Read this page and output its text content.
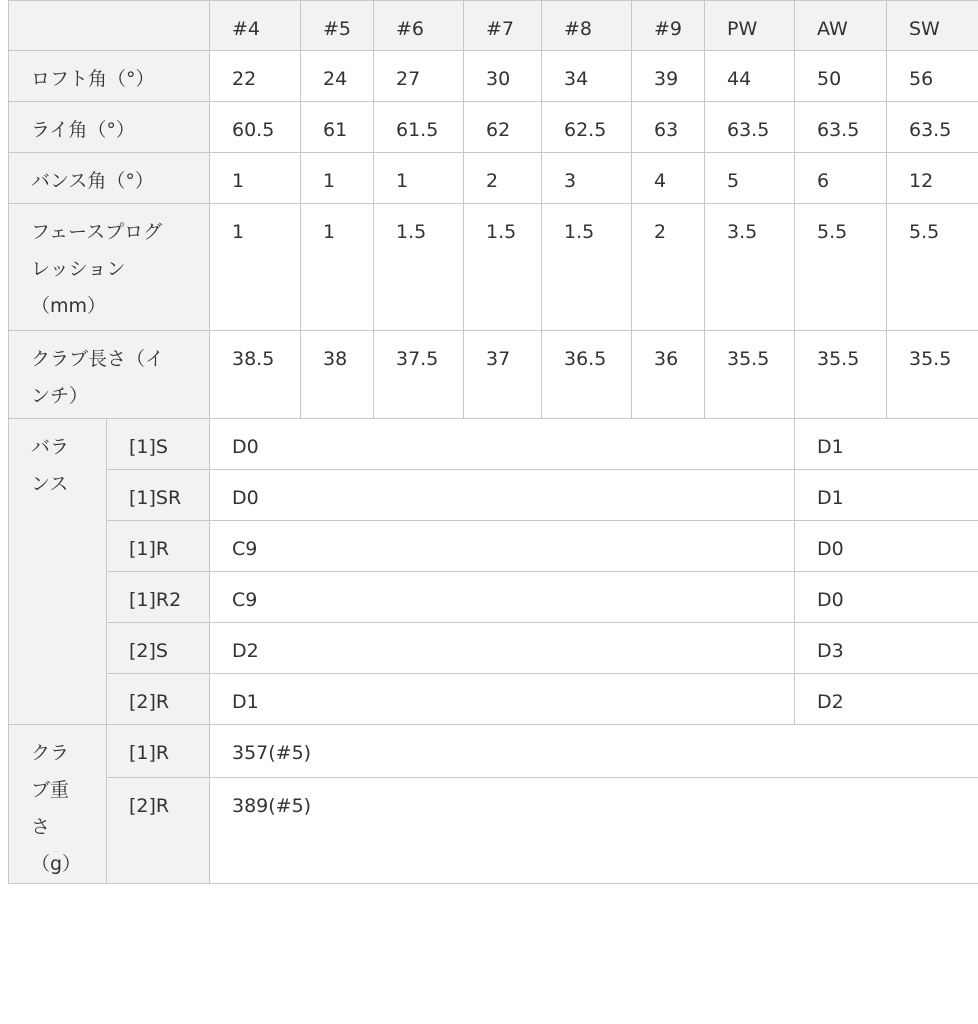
		#4	#5	#6	#7	#8	#9	PW	AW	SW
ロフト角（°）		22	24	27	30	34	39	44	50	56
ライ角（°）		60.5	61	61.5	62	62.5	63	63.5	63.5	63.5
バンス角（°）		1	1	1	2	3	4	5	6	12
フェースプログレッション（mm）		1	1	1.5	1.5	1.5	2	3.5	5.5	5.5
クラブ長さ（インチ）		38.5	38	37.5	37	36.5	36	35.5	35.5	35.5
バランス	[1]S	D0							D1	
	[1]SR	D0							D1	
	[1]R	C9							D0	
	[1]R2	C9							D0	
	[2]S	D2							D3	
	[2]R	D1							D2	
クラブ重さ（g）	[1]R	357(#5)								
	[2]R	389(#5)								
